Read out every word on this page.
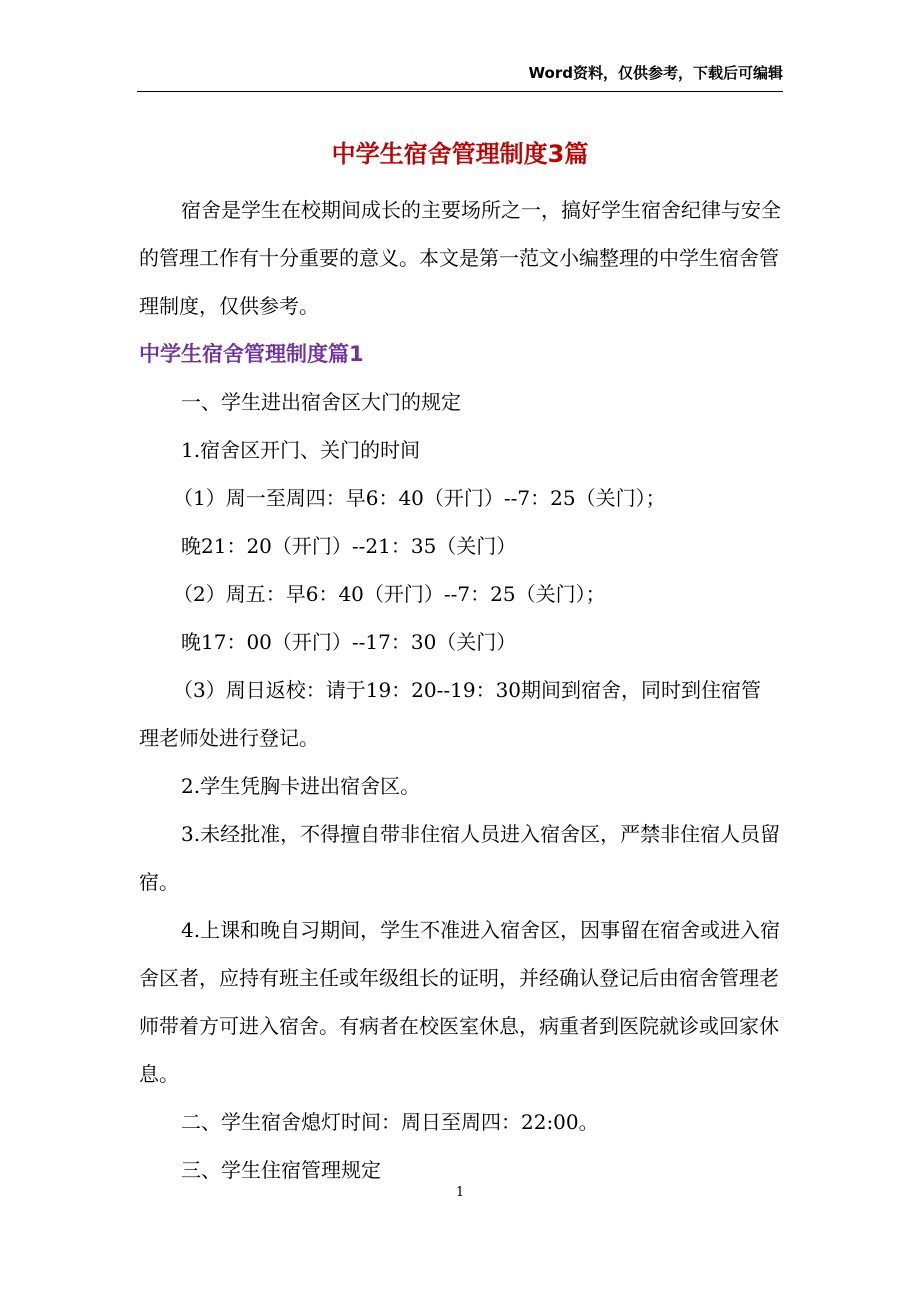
Word资料，仅供参考，下载后可编辑
中学生宿舍管理制度3篇

宿舍是学生在校期间成长的主要场所之一，搞好学生宿舍纪律与安全的管理工作有十分重要的意义。本文是第一范文小编整理的中学生宿舍管理制度，仅供参考。

中学生宿舍管理制度篇1

一、学生进出宿舍区大门的规定

1.宿舍区开门、关门的时间

（1）周一至周四：早6：40（开门）--7：25（关门）；

晚21：20（开门）--21：35（关门）

（2）周五：早6：40（开门）--7：25（关门）；

晚17：00（开门）--17：30（关门）

（3）周日返校：请于19：20--19：30期间到宿舍，同时到住宿管理老师处进行登记。

2.学生凭胸卡进出宿舍区。

3.未经批准，不得擅自带非住宿人员进入宿舍区，严禁非住宿人员留宿。

4.上课和晚自习期间，学生不准进入宿舍区，因事留在宿舍或进入宿舍区者，应持有班主任或年级组长的证明，并经确认登记后由宿舍管理老师带着方可进入宿舍。有病者在校医室休息，病重者到医院就诊或回家休息。

二、学生宿舍熄灯时间：周日至周四：22:00。

三、学生住宿管理规定

1
